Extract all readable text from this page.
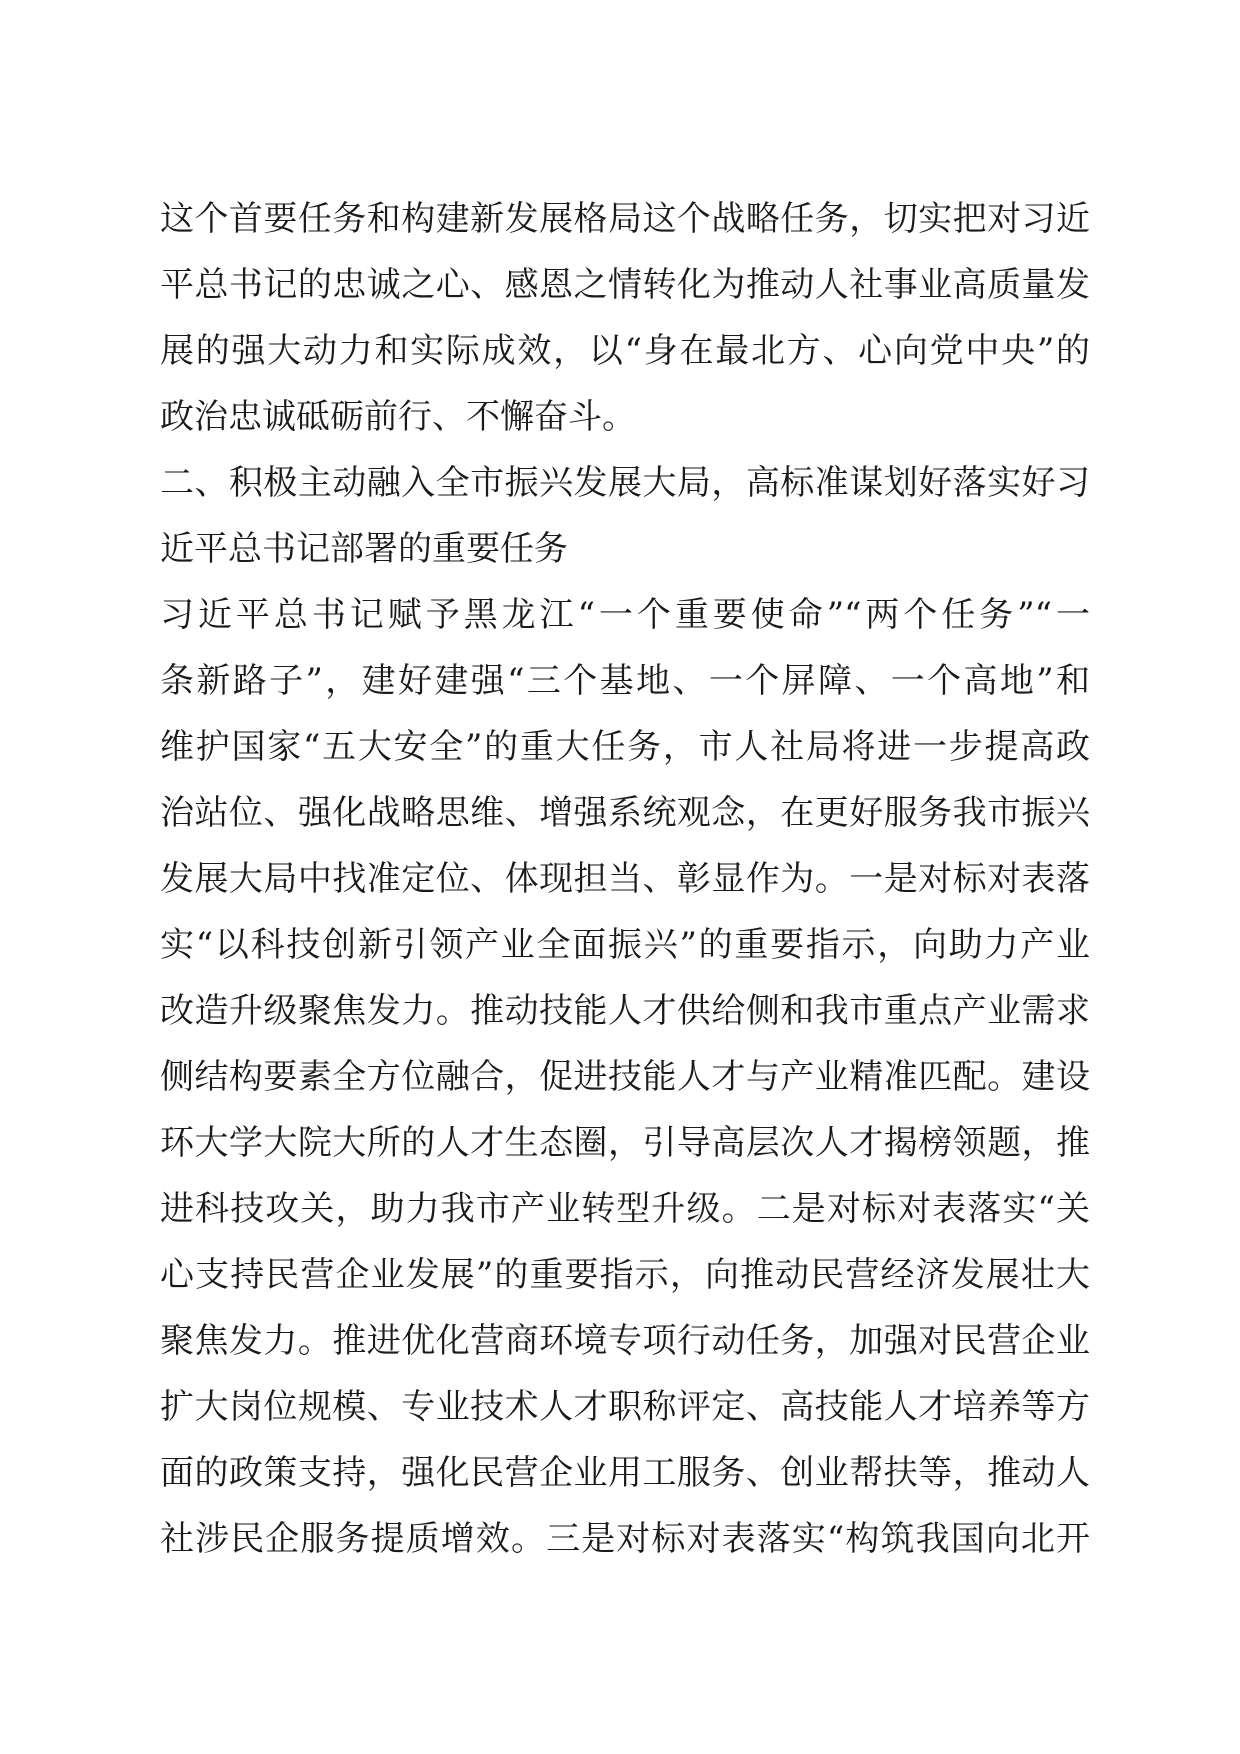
这个首要任务和构建新发展格局这个战略任务，切实把对习近
平总书记的忠诚之心、感恩之情转化为推动人社事业高质量发
展的强大动力和实际成效，以“身在最北方、心向党中央”的
政治忠诚砥砺前行、不懈奋斗。
二、积极主动融入全市振兴发展大局，高标准谋划好落实好习
近平总书记部署的重要任务
习近平总书记赋予黑龙江“一个重要使命”“两个任务”“一
条新路子”，建好建强“三个基地、一个屏障、一个高地”和
维护国家“五大安全”的重大任务，市人社局将进一步提高政
治站位、强化战略思维、增强系统观念，在更好服务我市振兴
发展大局中找准定位、体现担当、彰显作为。一是对标对表落
实“以科技创新引领产业全面振兴”的重要指示，向助力产业
改造升级聚焦发力。推动技能人才供给侧和我市重点产业需求
侧结构要素全方位融合，促进技能人才与产业精准匹配。建设
环大学大院大所的人才生态圈，引导高层次人才揭榜领题，推
进科技攻关，助力我市产业转型升级。二是对标对表落实“关
心支持民营企业发展”的重要指示，向推动民营经济发展壮大
聚焦发力。推进优化营商环境专项行动任务，加强对民营企业
扩大岗位规模、专业技术人才职称评定、高技能人才培养等方
面的政策支持，强化民营企业用工服务、创业帮扶等，推动人
社涉民企服务提质增效。三是对标对表落实“构筑我国向北开
